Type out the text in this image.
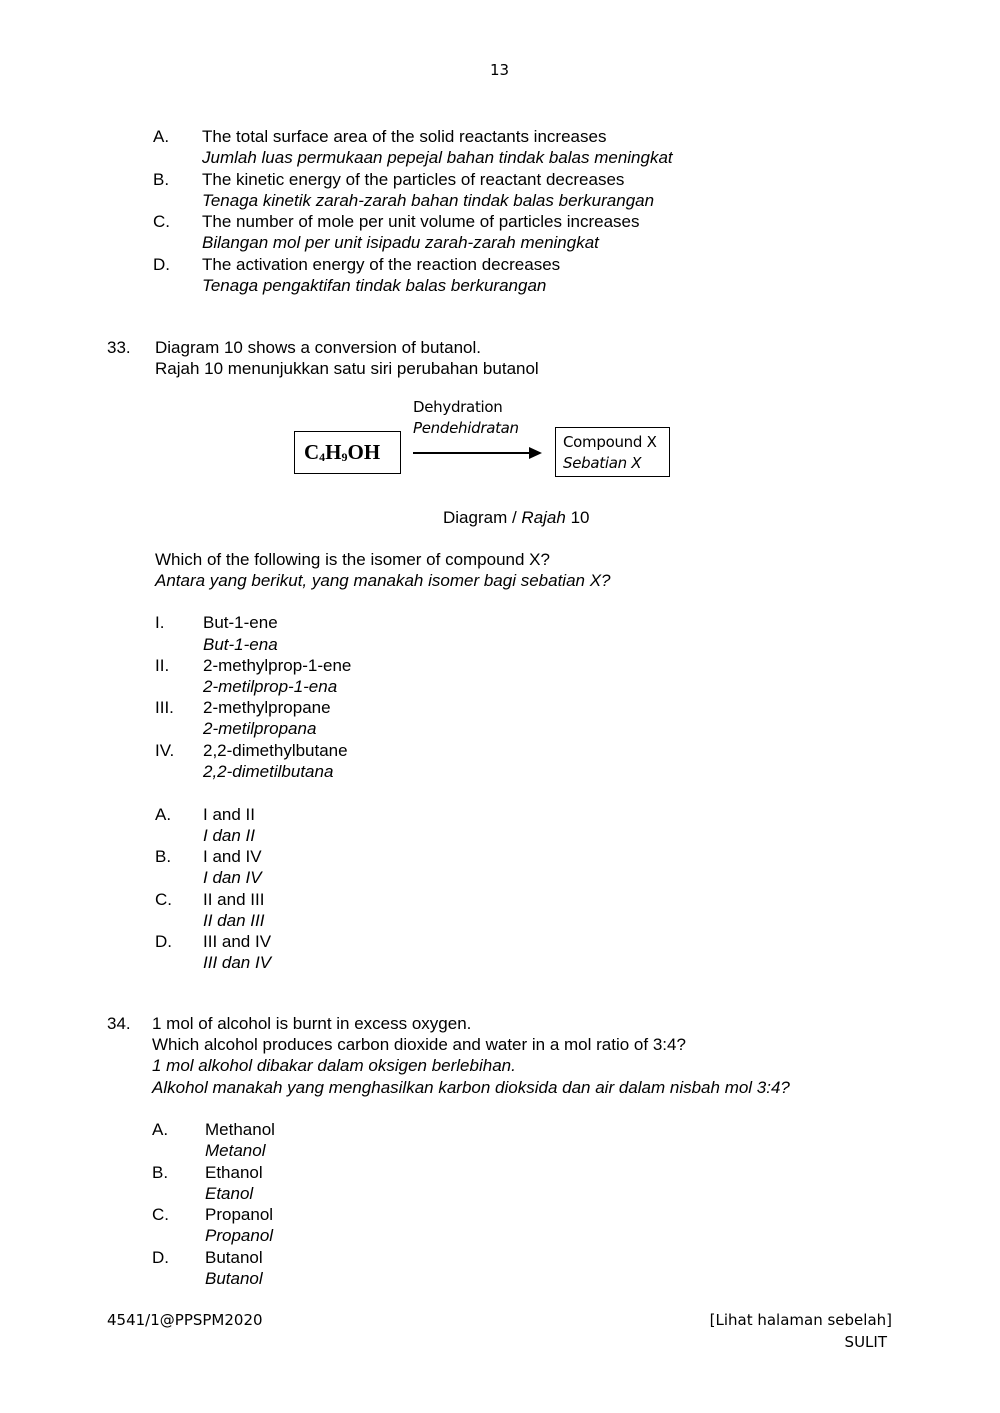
13
A. The total surface area of the solid reactants increases
Jumlah luas permukaan pepejal bahan tindak balas meningkat
B. The kinetic energy of the particles of reactant decreases
Tenaga kinetik zarah-zarah bahan tindak balas berkurangan
C. The number of mole per unit volume of particles increases
Bilangan mol per unit isipadu zarah-zarah meningkat
D. The activation energy of the reaction decreases
Tenaga pengaktifan tindak balas berkurangan
33. Diagram 10 shows a conversion of butanol.
Rajah 10 menunjukkan satu siri perubahan butanol
$C_4H_9OH$
Dehydration
Pendehidratan
Compound X
Sebatian X
Diagram / Rajah 10
Which of the following is the isomer of compound X?
Antara yang berikut, yang manakah isomer bagi sebatian X?
I. But-1-ene
But-1-ena
II. 2-methylprop-1-ene
2-metilprop-1-ena
III. 2-methylpropane
2-metilpropana
IV. 2,2-dimethylbutane
2,2-dimetilbutana
A. I and II
I dan II
B. I and IV
I dan IV
C. II and III
II dan III
D. III and IV
III dan IV
34. 1 mol of alcohol is burnt in excess oxygen.
Which alcohol produces carbon dioxide and water in a mol ratio of 3:4?
1 mol alkohol dibakar dalam oksigen berlebihan.
Alkohol manakah yang menghasilkan karbon dioksida dan air dalam nisbah mol 3:4?
A. Methanol
Metanol
B. Ethanol
Etanol
C. Propanol
Propanol
D. Butanol
Butanol
4541/1@PPSPM2020	[Lihat halaman sebelah]
SULIT
